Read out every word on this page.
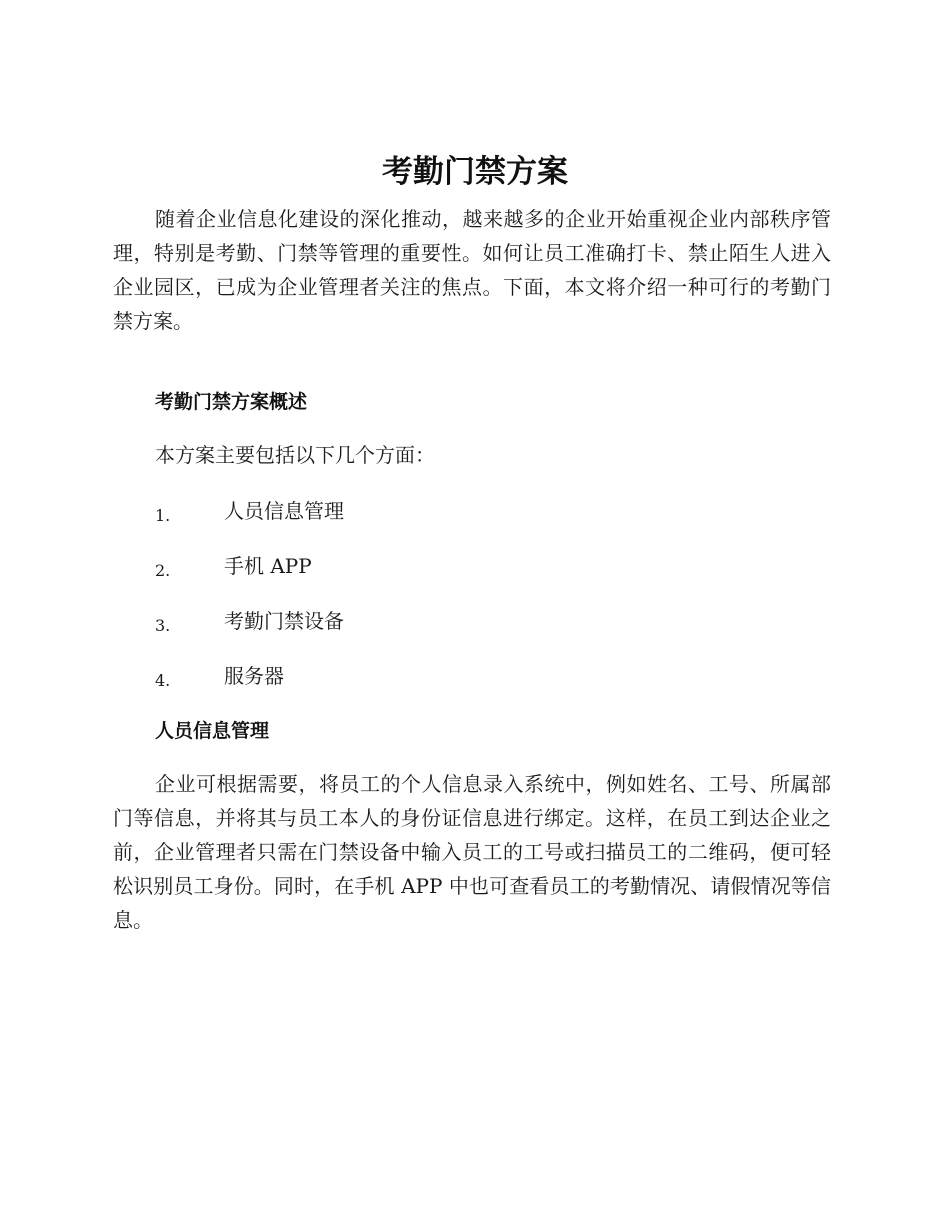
考勤门禁方案

随着企业信息化建设的深化推动，越来越多的企业开始重视企业内部秩序管理，特别是考勤、门禁等管理的重要性。如何让员工准确打卡、禁止陌生人进入企业园区，已成为企业管理者关注的焦点。下面，本文将介绍一种可行的考勤门禁方案。

考勤门禁方案概述

本方案主要包括以下几个方面：

1.	人员信息管理
2.	手机 APP
3.	考勤门禁设备
4.	服务器
人员信息管理

企业可根据需要，将员工的个人信息录入系统中，例如姓名、工号、所属部门等信息，并将其与员工本人的身份证信息进行绑定。这样，在员工到达企业之前，企业管理者只需在门禁设备中输入员工的工号或扫描员工的二维码，便可轻松识别员工身份。同时，在手机 APP 中也可查看员工的考勤情况、请假情况等信息。
